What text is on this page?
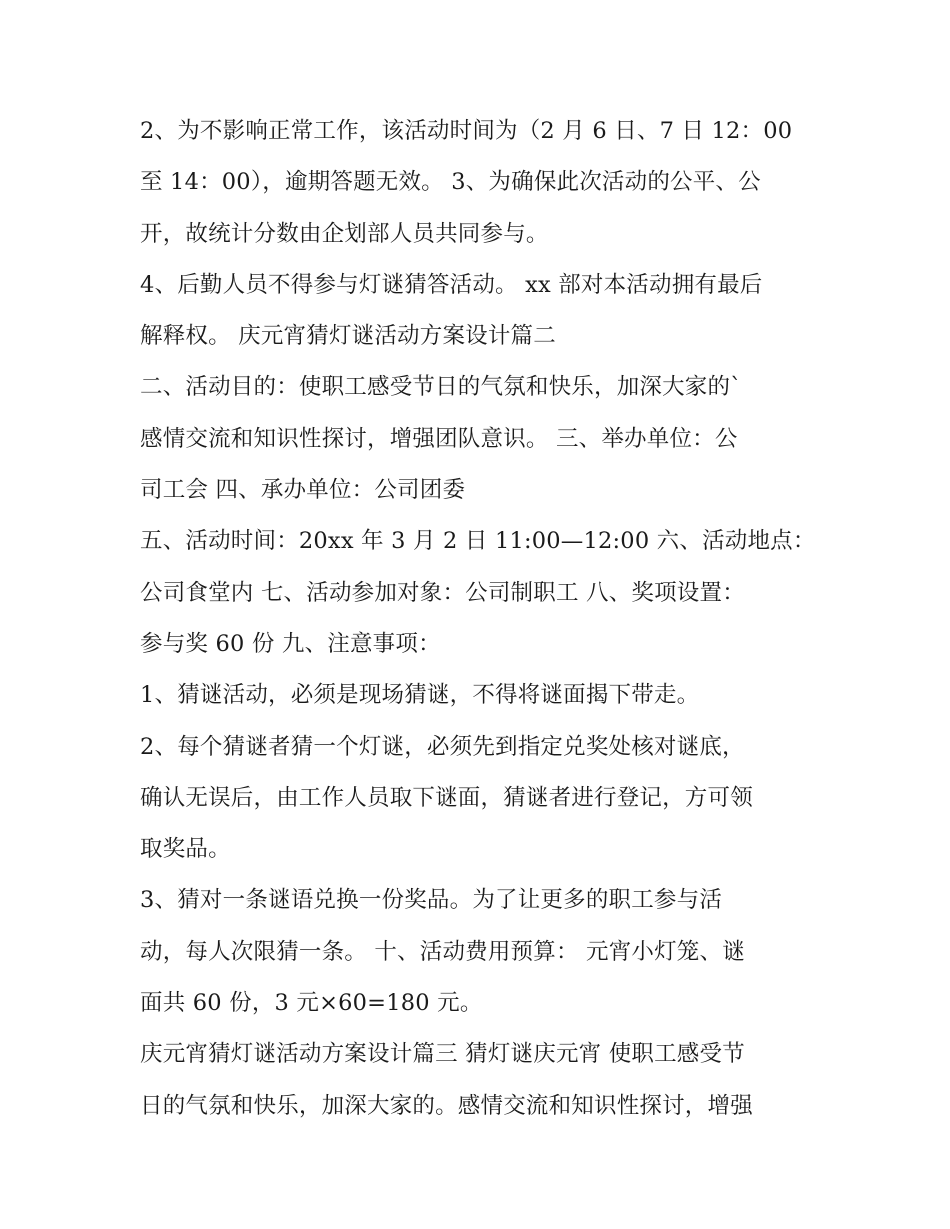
2、为不影响正常工作，该活动时间为（2 月 6 日、7 日 12：00
至 14：00），逾期答题无效。 3、为确保此次活动的公平、公
开，故统计分数由企划部人员共同参与。
4、后勤人员不得参与灯谜猜答活动。 xx 部对本活动拥有最后
解释权。 庆元宵猜灯谜活动方案设计篇二
二、活动目的：使职工感受节日的气氛和快乐，加深大家的`
感情交流和知识性探讨，增强团队意识。 三、举办单位：公
司工会 四、承办单位：公司团委
五、活动时间：20xx 年 3 月 2 日 11:00—12:00 六、活动地点：
公司食堂内 七、活动参加对象：公司制职工 八、奖项设置：
参与奖 60 份 九、注意事项：
1、猜谜活动，必须是现场猜谜，不得将谜面揭下带走。
2、每个猜谜者猜一个灯谜，必须先到指定兑奖处核对谜底，
确认无误后，由工作人员取下谜面，猜谜者进行登记，方可领
取奖品。
3、猜对一条谜语兑换一份奖品。为了让更多的职工参与活
动，每人次限猜一条。 十、活动费用预算： 元宵小灯笼、谜
面共 60 份，3 元×60=180 元。
庆元宵猜灯谜活动方案设计篇三 猜灯谜庆元宵 使职工感受节
日的气氛和快乐，加深大家的。感情交流和知识性探讨，增强
